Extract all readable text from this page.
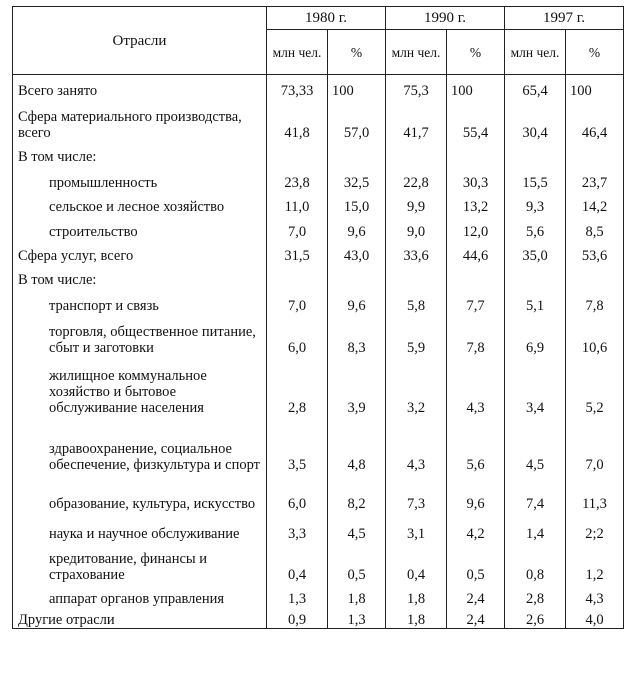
Отрасли	1980 г.		1990 г.		1997 г.	
	млн чел.	%	млн чел.	%	млн чел.	%
Всего занято	73,33	100	75,3	100	65,4	100
Сфера материального производства, всего	41,8	57,0	41,7	55,4	30,4	46,4
В том числе:						
промышленность	23,8	32,5	22,8	30,3	15,5	23,7
сельское и лесное хозяйство	11,0	15,0	9,9	13,2	9,3	14,2
строительство	7,0	9,6	9,0	12,0	5,6	8,5
Сфера услуг, всего	31,5	43,0	33,6	44,6	35,0	53,6
В том числе:						
транспорт и связь	7,0	9,6	5,8	7,7	5,1	7,8
торговля, общественное питание, сбыт и заготовки	6,0	8,3	5,9	7,8	6,9	10,6
жилищное коммунальное хозяйство и бытовое обслуживание населения	2,8	3,9	3,2	4,3	3,4	5,2
здравоохранение, социальное обеспечение, физкультура и спорт	3,5	4,8	4,3	5,6	4,5	7,0
образование, культура, искусство	6,0	8,2	7,3	9,6	7,4	11,3
наука и научное обслуживание	3,3	4,5	3,1	4,2	1,4	2;2
кредитование, финансы и страхование	0,4	0,5	0,4	0,5	0,8	1,2
аппарат органов управления	1,3	1,8	1,8	2,4	2,8	4,3
Другие отрасли	0,9	1,3	1,8	2,4	2,6	4,0
